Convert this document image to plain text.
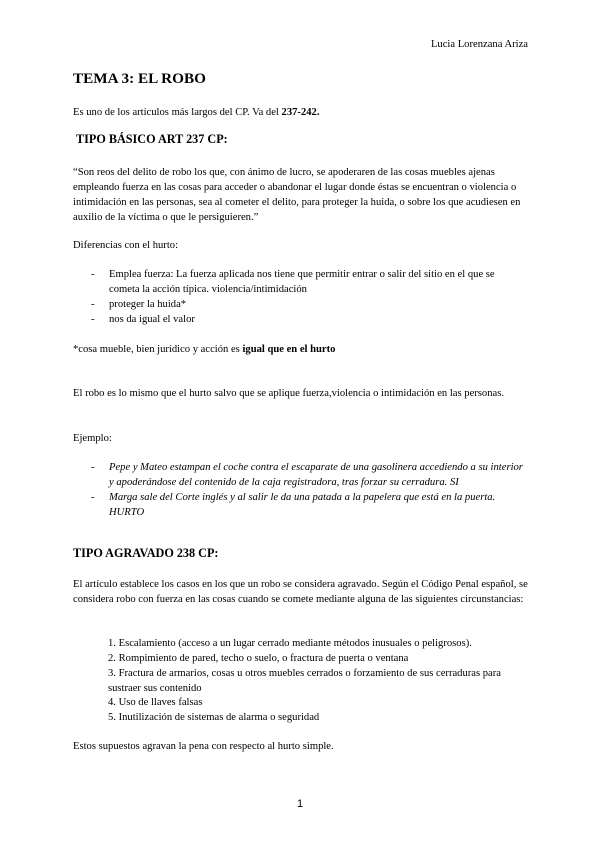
Lucia Lorenzana Ariza
TEMA 3: EL ROBO
Es uno de los artículos más largos del CP. Va del 237-242.
TIPO BÁSICO ART 237 CP:
“Son reos del delito de robo los que, con ánimo de lucro, se apoderaren de las cosas muebles ajenas empleando fuerza en las cosas para acceder o abandonar el lugar donde éstas se encuentran o violencia o intimidación en las personas, sea al cometer el delito, para proteger la huida, o sobre los que acudiesen en auxilio de la víctima o que le persiguieren.”
Diferencias con el hurto:
- Emplea fuerza: La fuerza aplicada nos tiene que permitir entrar o salir del sitio en el que se cometa la acción típica. violencia/intimidación
- proteger la huida*
- nos da igual el valor
*cosa mueble, bien jurídico y acción es igual que en el hurto
El robo es lo mismo que el hurto salvo que se aplique fuerza,violencia o intimidación en las personas.
Ejemplo:
- Pepe y Mateo estampan el coche contra el escaparate de una gasolinera accediendo a su interior y apoderándose del contenido de la caja registradora, tras forzar su cerradura. SI
- Marga sale del Corte inglés y al salir le da una patada a la papelera que está en la puerta. HURTO
TIPO AGRAVADO 238 CP:
El artículo establece los casos en los que un robo se considera agravado. Según el Código Penal español, se considera robo con fuerza en las cosas cuando se comete mediante alguna de las siguientes circunstancias:
1. Escalamiento (acceso a un lugar cerrado mediante métodos inusuales o peligrosos).
2. Rompimiento de pared, techo o suelo, o fractura de puerta o ventana
3. Fractura de armarios, cosas u otros muebles cerrados o forzamiento de sus cerraduras para sustraer sus contenido
4. Uso de llaves falsas
5. Inutilización de sistemas de alarma o seguridad
Estos supuestos agravan la pena con respecto al hurto simple.
1
